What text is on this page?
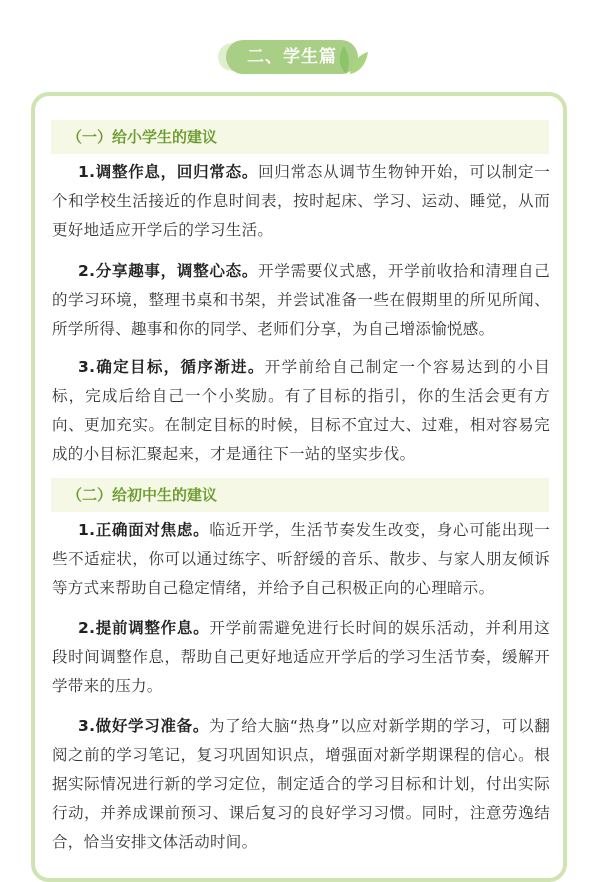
二、学生篇
（一）给小学生的建议
1.调整作息，回归常态。回归常态从调节生物钟开始，可以制定一个和学校生活接近的作息时间表，按时起床、学习、运动、睡觉，从而更好地适应开学后的学习生活。
2.分享趣事，调整心态。开学需要仪式感，开学前收拾和清理自己的学习环境，整理书桌和书架，并尝试准备一些在假期里的所见所闻、所学所得、趣事和你的同学、老师们分享，为自己增添愉悦感。
3.确定目标，循序渐进。开学前给自己制定一个容易达到的小目标，完成后给自己一个小奖励。有了目标的指引，你的生活会更有方向、更加充实。在制定目标的时候，目标不宜过大、过难，相对容易完成的小目标汇聚起来，才是通往下一站的坚实步伐。
（二）给初中生的建议
1.正确面对焦虑。临近开学，生活节奏发生改变，身心可能出现一些不适症状，你可以通过练字、听舒缓的音乐、散步、与家人朋友倾诉等方式来帮助自己稳定情绪，并给予自己积极正向的心理暗示。
2.提前调整作息。开学前需避免进行长时间的娱乐活动，并利用这段时间调整作息，帮助自己更好地适应开学后的学习生活节奏，缓解开学带来的压力。
3.做好学习准备。为了给大脑“热身”以应对新学期的学习，可以翻阅之前的学习笔记，复习巩固知识点，增强面对新学期课程的信心。根据实际情况进行新的学习定位，制定适合的学习目标和计划，付出实际行动，并养成课前预习、课后复习的良好学习习惯。同时，注意劳逸结合，恰当安排文体活动时间。
